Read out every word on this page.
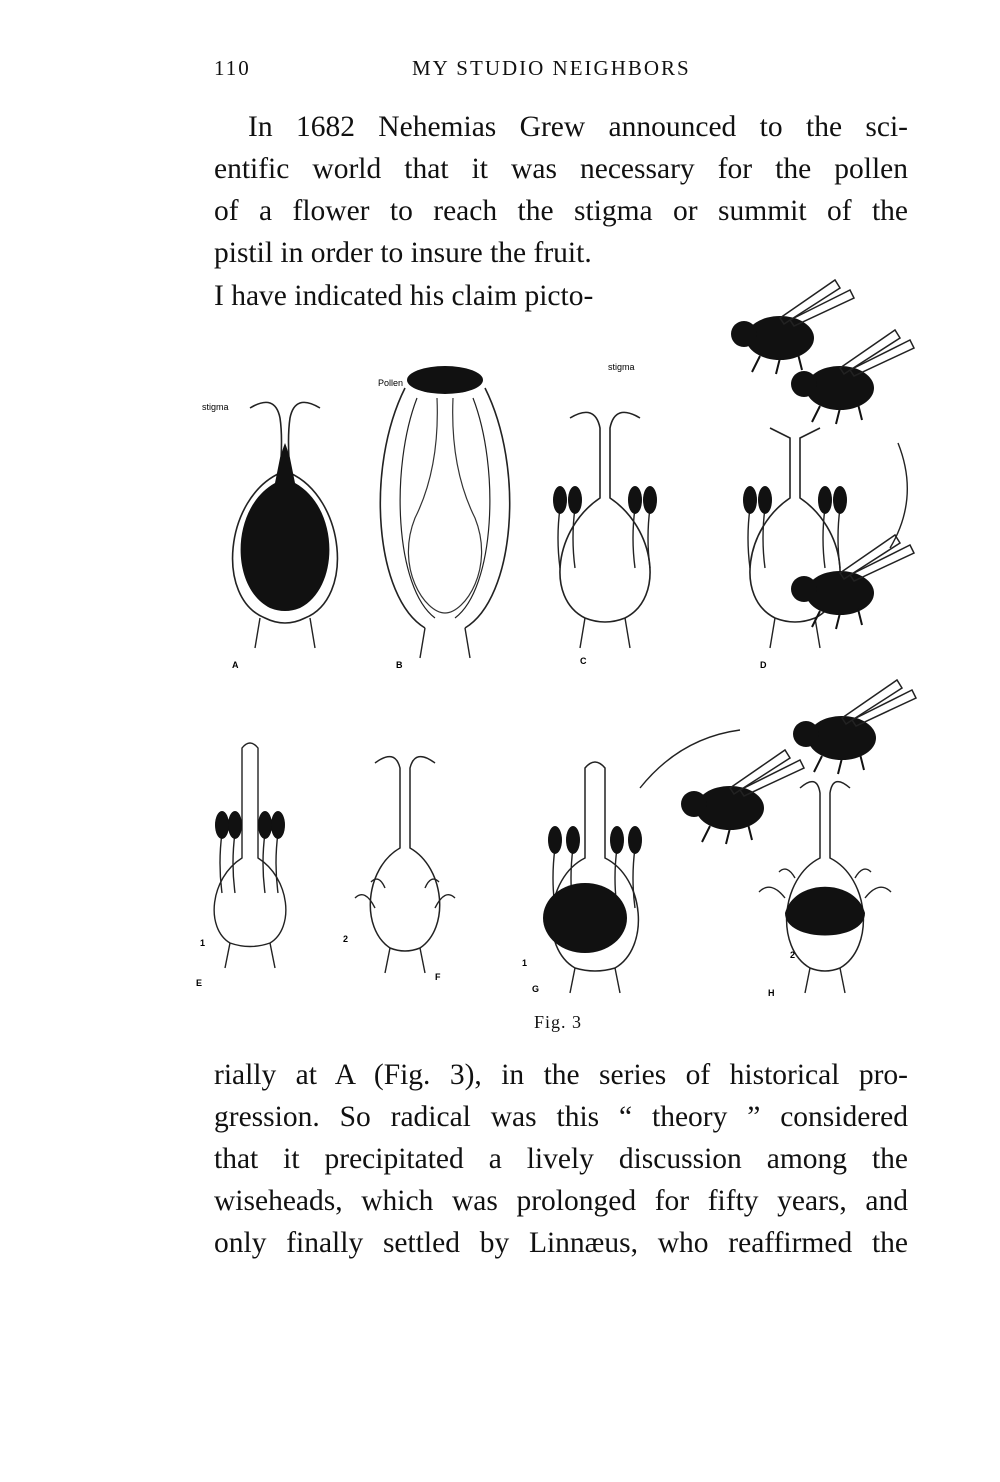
110	MY STUDIO NEIGHBORS
In 1682 Nehemias Grew announced to the sci-
entific world that it was necessary for the pollen
of a flower to reach the stigma or summit of the
pistil in order to insure the fruit.
I have indicated his claim picto-
stigma
Pollen
stigma
A	B	C	D
E
F
G	H
1	2
1
2
Fig. 3
rially at A (Fig. 3), in the series of historical pro-
gression. So radical was this “ theory ” considered
that it precipitated a lively discussion among the
wiseheads, which was prolonged for fifty years, and
only finally settled by Linnæus, who reaffirmed the
